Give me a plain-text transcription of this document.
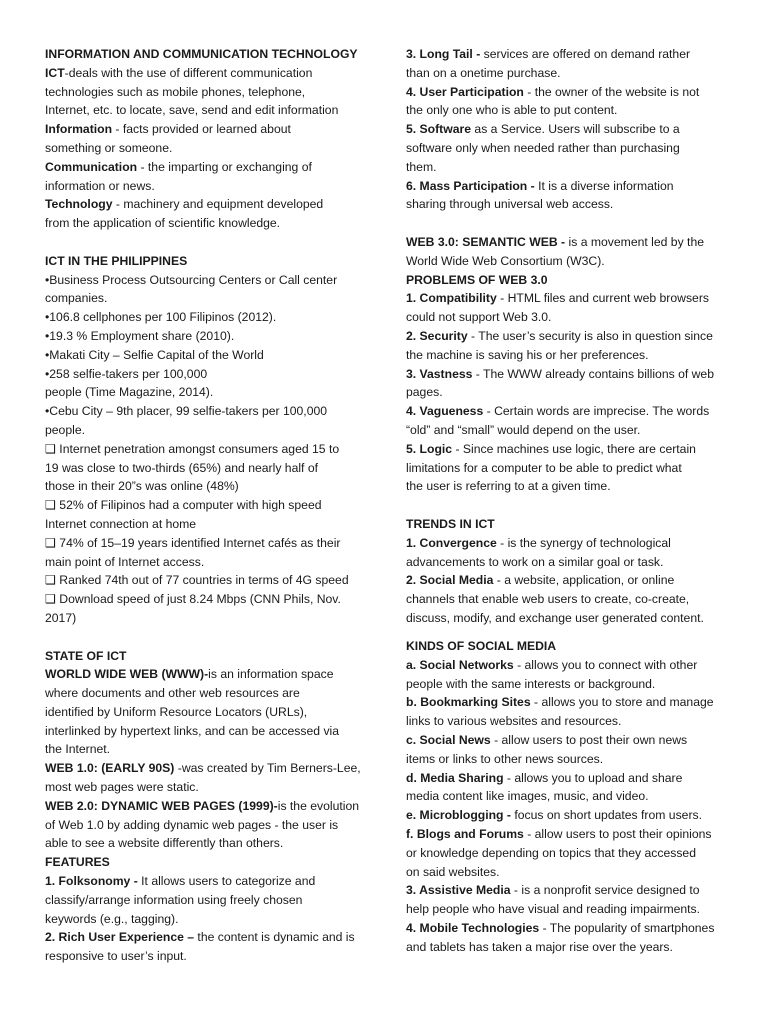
INFORMATION AND COMMUNICATION TECHNOLOGY
ICT-deals with the use of different communication
technologies such as mobile phones, telephone,
Internet, etc. to locate, save, send and edit information
Information - facts provided or learned about
something or someone.
Communication - the imparting or exchanging of
information or news.
Technology - machinery and equipment developed
from the application of scientific knowledge.
ICT IN THE PHILIPPINES
•Business Process Outsourcing Centers or Call center
companies.
•106.8 cellphones per 100 Filipinos (2012).
•19.3 % Employment share (2010).
•Makati City – Selfie Capital of the World
•258 selfie-takers per 100,000
people (Time Magazine, 2014).
•Cebu City – 9th placer, 99 selfie-takers per 100,000
people.
❑ Internet penetration amongst consumers aged 15 to
19 was close to two-thirds (65%) and nearly half of
those in their 20”s was online (48%)
❑ 52% of Filipinos had a computer with high speed
Internet connection at home
❑ 74% of 15–19 years identified Internet cafés as their
main point of Internet access.
❑ Ranked 74th out of 77 countries in terms of 4G speed
❑ Download speed of just 8.24 Mbps (CNN Phils, Nov.
2017)
STATE OF ICT
WORLD WIDE WEB (WWW)-is an information space
where documents and other web resources are
identified by Uniform Resource Locators (URLs),
interlinked by hypertext links, and can be accessed via
the Internet.
WEB 1.0: (EARLY 90S) -was created by Tim Berners-Lee,
most web pages were static.
WEB 2.0: DYNAMIC WEB PAGES (1999)-is the evolution
of Web 1.0 by adding dynamic web pages - the user is
able to see a website differently than others.
FEATURES
1. Folksonomy - It allows users to categorize and
classify/arrange information using freely chosen
keywords (e.g., tagging).
2. Rich User Experience – the content is dynamic and is
responsive to user’s input.
3. Long Tail - services are offered on demand rather
than on a onetime purchase.
4. User Participation - the owner of the website is not
the only one who is able to put content.
5. Software as a Service. Users will subscribe to a
software only when needed rather than purchasing
them.
6. Mass Participation - It is a diverse information
sharing through universal web access.
WEB 3.0: SEMANTIC WEB - is a movement led by the
World Wide Web Consortium (W3C).
PROBLEMS OF WEB 3.0
1. Compatibility - HTML files and current web browsers
could not support Web 3.0.
2. Security - The user’s security is also in question since
the machine is saving his or her preferences.
3. Vastness - The WWW already contains billions of web
pages.
4. Vagueness - Certain words are imprecise. The words
“old” and “small” would depend on the user.
5. Logic - Since machines use logic, there are certain
limitations for a computer to be able to predict what
the user is referring to at a given time.
TRENDS IN ICT
1. Convergence - is the synergy of technological
advancements to work on a similar goal or task.
2. Social Media - a website, application, or online
channels that enable web users to create, co-create,
discuss, modify, and exchange user generated content.
KINDS OF SOCIAL MEDIA
a. Social Networks - allows you to connect with other
people with the same interests or background.
b. Bookmarking Sites - allows you to store and manage
links to various websites and resources.
c. Social News - allow users to post their own news
items or links to other news sources.
d. Media Sharing - allows you to upload and share
media content like images, music, and video.
e. Microblogging - focus on short updates from users.
f. Blogs and Forums - allow users to post their opinions
or knowledge depending on topics that they accessed
on said websites.
3. Assistive Media - is a nonprofit service designed to
help people who have visual and reading impairments.
4. Mobile Technologies - The popularity of smartphones
and tablets has taken a major rise over the years.
